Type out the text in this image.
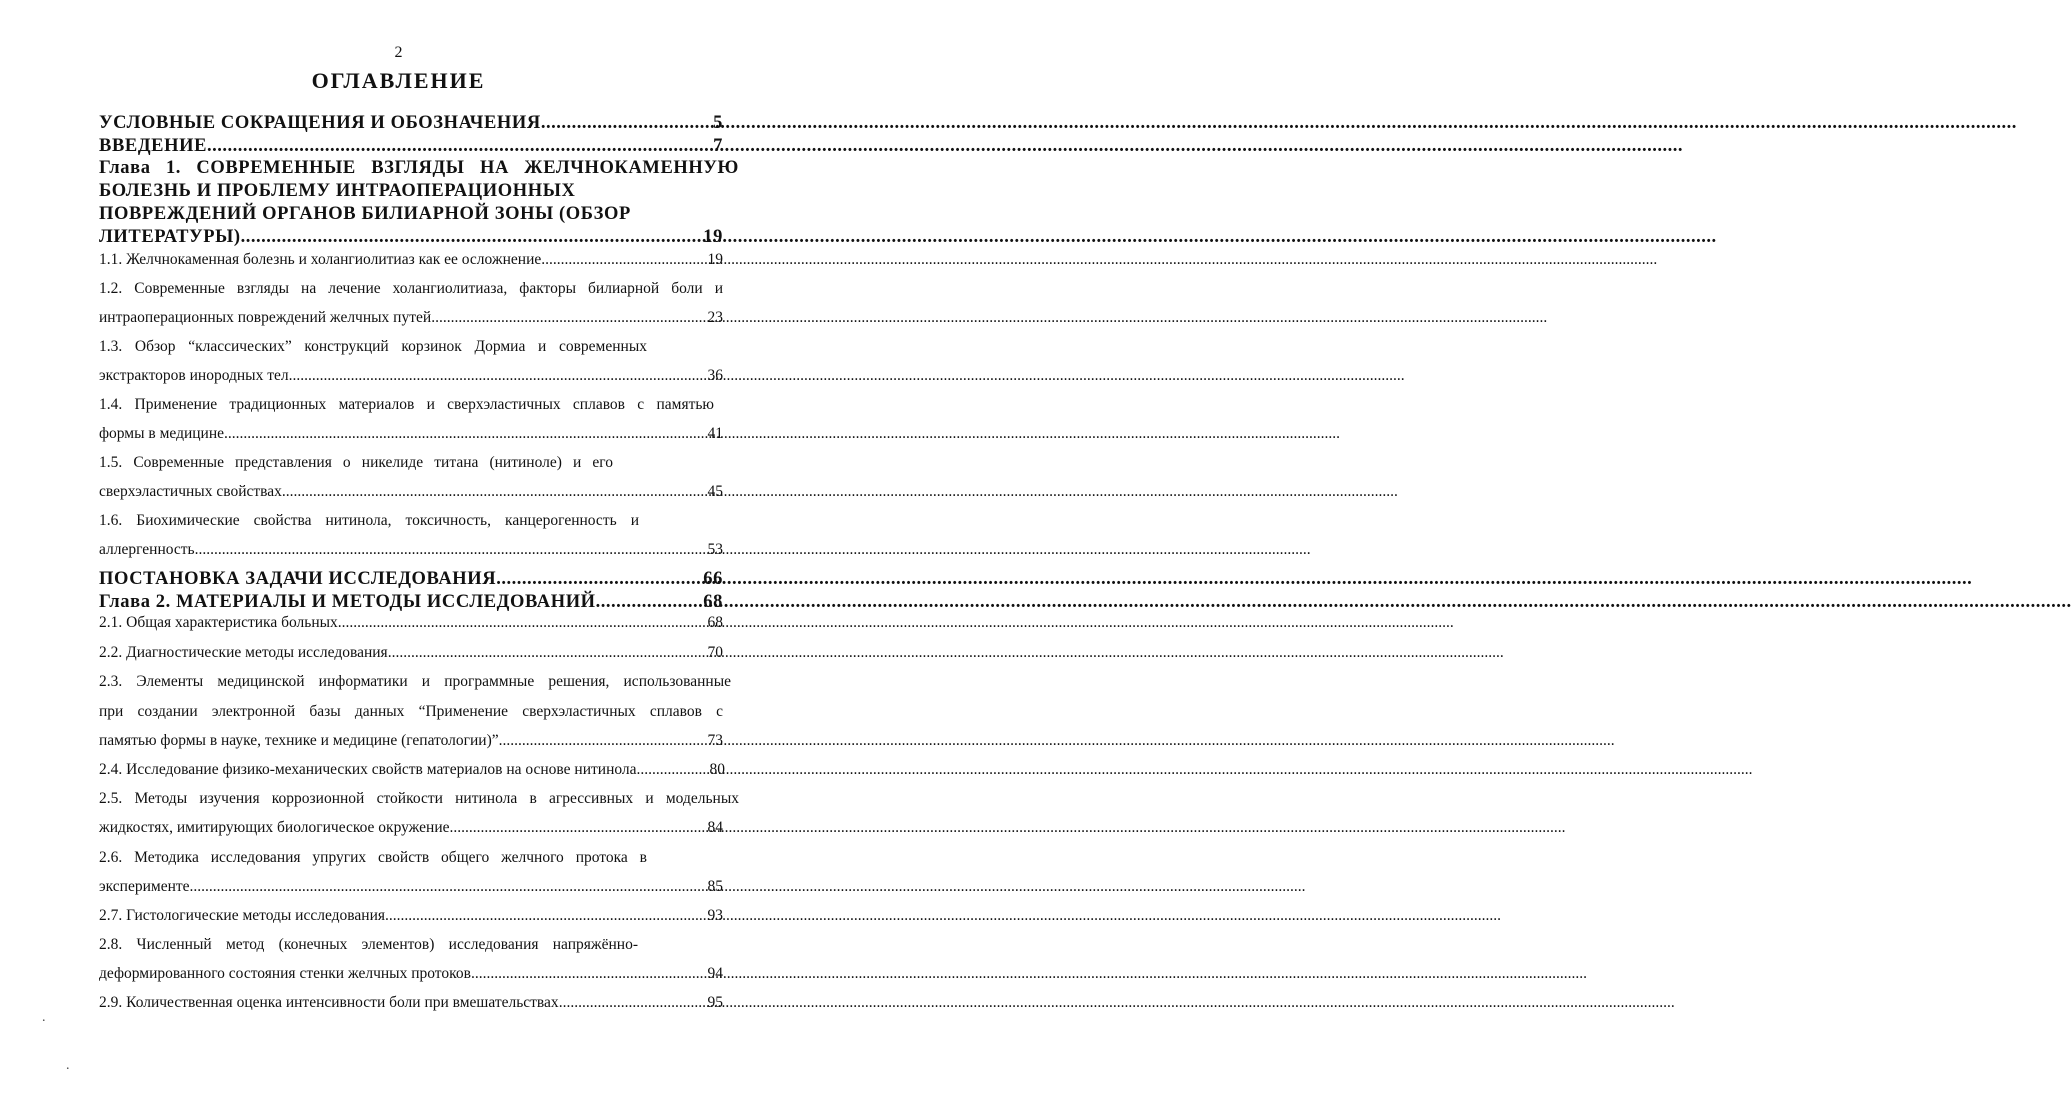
2
ОГЛАВЛЕНИЕ
УСЛОВНЫЕ СОКРАЩЕНИЯ И ОБОЗНАЧЕНИЯ .....	5
ВВЕДЕНИЕ .....	7
Глава 1. СОВРЕМЕННЫЕ ВЗГЛЯДЫ НА ЖЕЛЧНОКАМЕННУЮ
БОЛЕЗНЬ И ПРОБЛЕМУ ИНТРАОПЕРАЦИОННЫХ
ПОВРЕЖДЕНИЙ ОРГАНОВ БИЛИАРНОЙ ЗОНЫ (ОБЗОР
ЛИТЕРАТУРЫ) .....	19
1.1. Желчнокаменная болезнь и холангиолитиаз как ее осложнение .....	19
1.2. Современные взгляды на лечение холангиолитиаза, факторы билиарной боли и
интраоперационных повреждений желчных путей .....	23
1.3. Обзор “классических” конструкций корзинок Дормиа и современных
экстракторов инородных тел .....	36
1.4. Применение традиционных материалов и сверхэластичных сплавов с памятью
формы в медицине .....	41
1.5. Современные представления о никелиде титана (нитиноле) и его
сверхэластичных свойствах .....	45
1.6. Биохимические свойства нитинола, токсичность, канцерогенность и
аллергенность .....	53
ПОСТАНОВКА ЗАДАЧИ ИССЛЕДОВАНИЯ .....	66
Глава 2. МАТЕРИАЛЫ И МЕТОДЫ ИССЛЕДОВАНИЙ .....	68
2.1. Общая характеристика больных .....	68
2.2. Диагностические методы исследования .....	70
2.3. Элементы медицинской информатики и программные решения, использованные
при создании электронной базы данных “Применение сверхэластичных сплавов с
памятью формы в науке, технике и медицине (гепатологии)” .....	73
2.4. Исследование физико-механических свойств материалов на основе нитинола .....	80
2.5. Методы изучения коррозионной стойкости нитинола в агрессивных и модельных
жидкостях, имитирующих биологическое окружение .....	84
2.6. Методика исследования упругих свойств общего желчного протока в
эксперименте .....	85
2.7. Гистологические методы исследования .....	93
2.8. Численный метод (конечных элементов) исследования напряжённо-
деформированного состояния стенки желчных протоков .....	94
2.9. Количественная оценка интенсивности боли при вмешательствах .....	95
.
.
